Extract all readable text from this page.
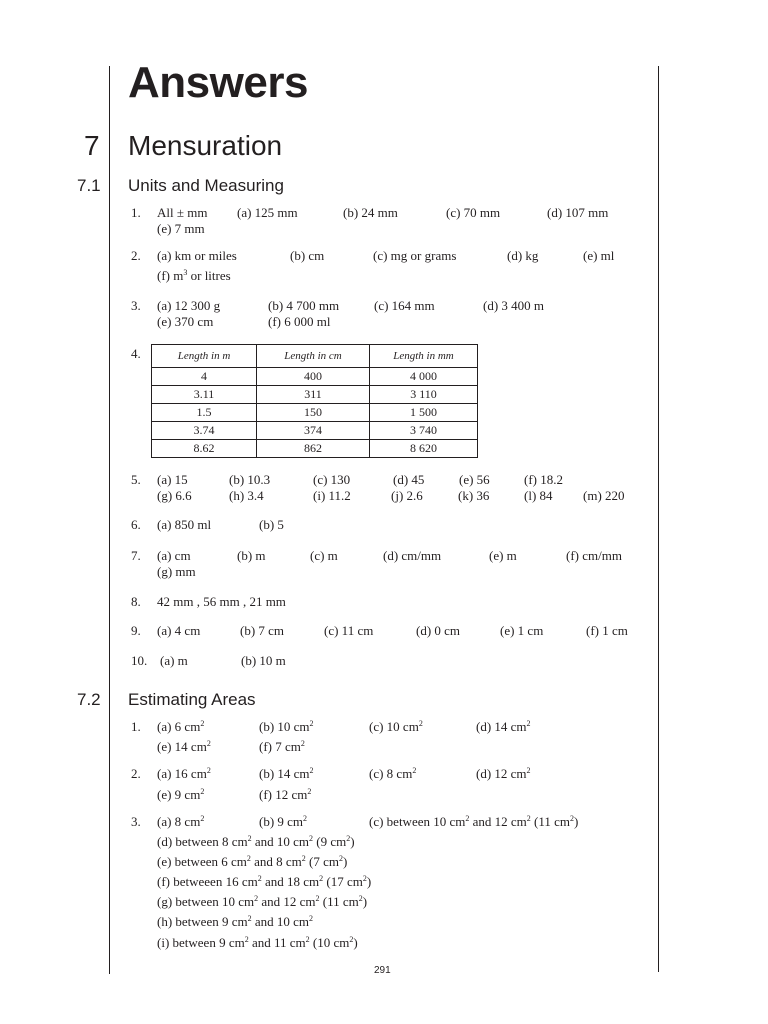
Answers
7 Mensuration
7.1 Units and Measuring
1. All ± mm (a) 125 mm	(b) 24 mm	(c) 70 mm	(d) 107 mm
(e) 7 mm
2. (a) km or miles	(b) cm	(c) mg or grams	(d) kg	(e) ml
(f) $m^3$ or litres
3. (a) 12 300 g	(b) 4 700 mm	(c) 164 mm	(d) 3 400 m
(e) 370 cm	(f) 6 000 ml
4.	Length in m	Length in cm	Length in mm
4	400	4 000
3.11	311	3 110
1.5	150	1 500
3.74	374	3 740
8.62	862	8 620
5. (a) 15	(b) 10.3	(c) 130	(d) 45	(e) 56	(f) 18.2
(g) 6.6	(h) 3.4	(i) 11.2	(j) 2.6	(k) 36	(l) 84 (m) 220
6. (a) 850 ml	(b) 5
7. (a) cm	(b) m	(c) m	(d) cm/mm	(e) m	(f) cm/mm
(g) mm
8. 42 mm , 56 mm , 21 mm
9. (a) 4 cm	(b) 7 cm	(c) 11 cm	(d) 0 cm	(e) 1 cm	(f) 1 cm
10. (a) m	(b) 10 m
7.2 Estimating Areas
1. (a) 6 $cm^2$	(b) 10 $cm^2$	(c) 10 $cm^2$	(d) 14 $cm^2$
(e) 14 $cm^2$	(f) 7 $cm^2$
2. (a) 16 $cm^2$	(b) 14 $cm^2$	(c) 8 $cm^2$	(d) 12 $cm^2$
(e) 9 $cm^2$	(f) 12 $cm^2$
3. (a) 8 $cm^2$	(b) 9 $cm^2$	(c) between 10 $cm^2$ and 12 $cm^2$ (11 $cm^2$)
(d) between 8 $cm^2$ and 10 $cm^2$ (9 $cm^2$)
(e) between 6 $cm^2$ and 8 $cm^2$ (7 $cm^2$)
(f) betweeen 16 $cm^2$ and 18 $cm^2$ (17 $cm^2$)
(g) between 10 $cm^2$ and 12 $cm^2$ (11 $cm^2$)
(h) between 9 $cm^2$ and 10 $cm^2$
(i) between 9 $cm^2$ and 11 $cm^2$ (10 $cm^2$)
291
